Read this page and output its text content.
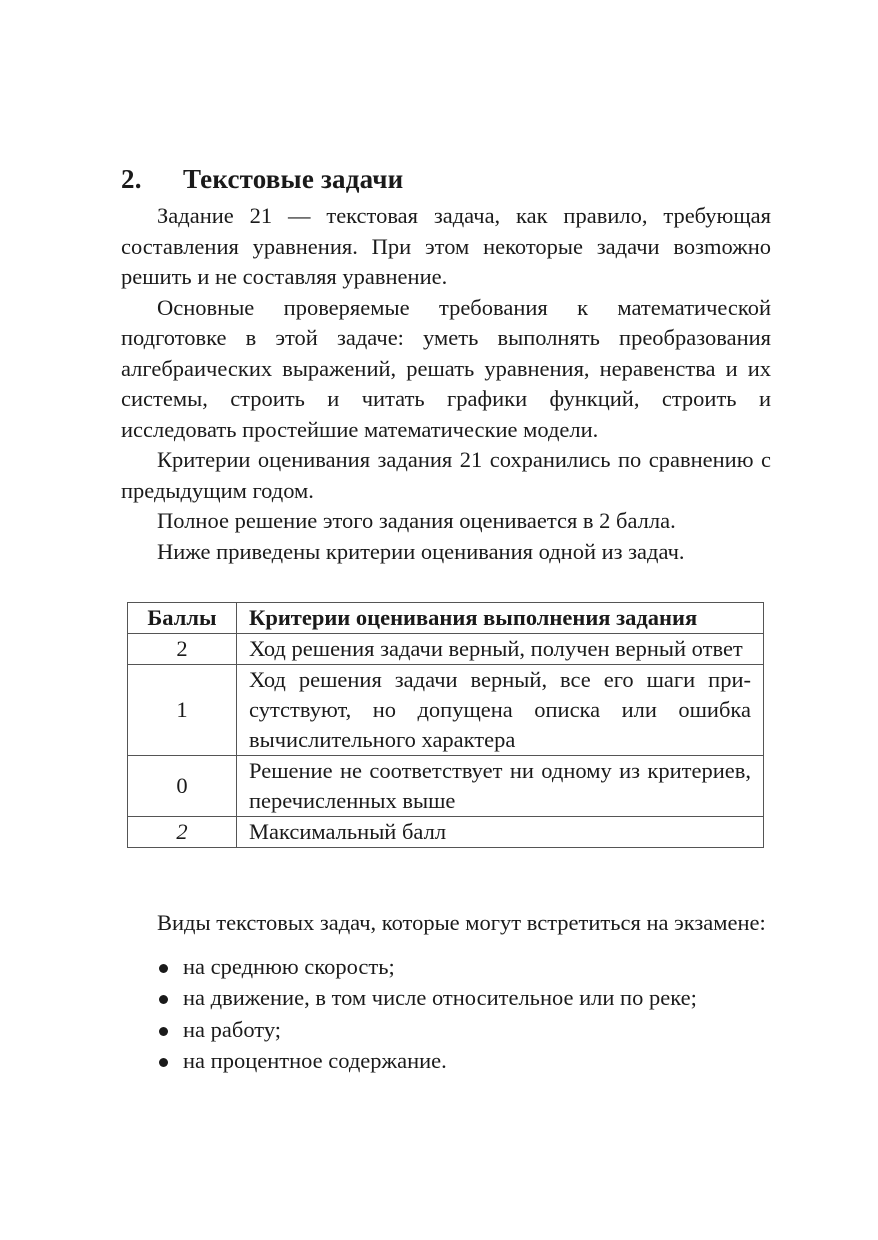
2. Текстовые задачи

Задание 21 — текстовая задача, как правило, требующая составления уравнения. При этом некоторые задачи возmожно решить и не составляя уравнение.

Основные проверяемые требования к математической подготовке в этой задаче: уметь выполнять преобразования алгебраических выражений, решать уравнения, неравенства и их системы, строить и читать графики функций, строить и исследовать простейшие математические модели.

Критерии оценивания задания 21 сохранились по сравнению с предыдущим годом.

Полное решение этого задания оценивается в 2 балла.

Ниже приведены критерии оценивания одной из задач.

Баллы	Критерии оценивания выполнения задания
2	Ход решения задачи верный, получен верный ответ
1	Ход решения задачи верный, все его шаги присутствуют, но допущена описка или ошибка вычислительного характера
0	Решение не соответствует ни одному из критериев, перечисленных выше
2	Максимальный балл

Виды текстовых задач, которые могут встретиться на экзамене:

на среднюю скорость;
на движение, в том числе относительное или по реке;
на работу;
на процентное содержание.
